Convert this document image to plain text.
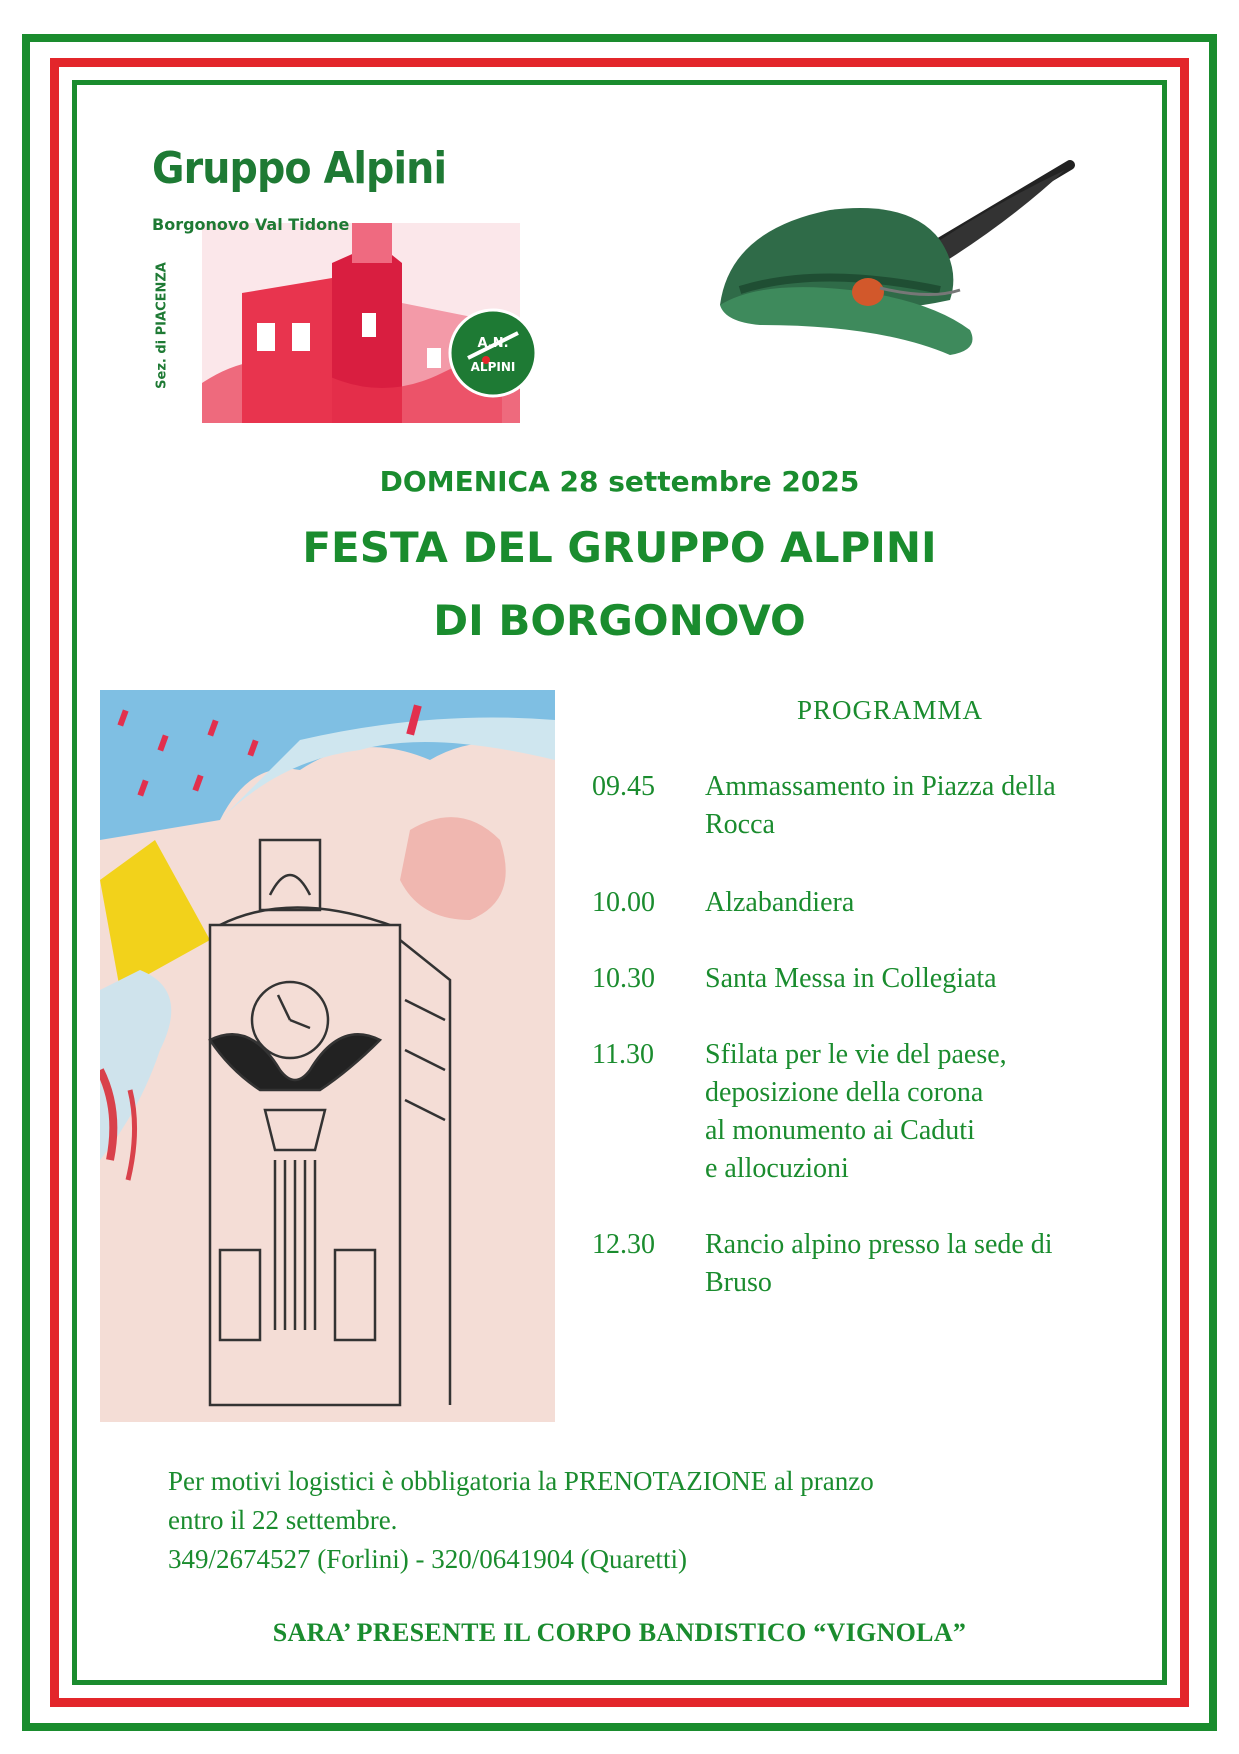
Gruppo Alpini
Borgonovo Val Tidone
Sez. di PIACENZA	A.N.
ALPINI
DOMENICA 28 settembre 2025
FESTA DEL GRUPPO ALPINI
DI BORGONOVO
PROGRAMMA
09.45	Ammassamento in Piazza della
Rocca
10.00	Alzabandiera
10.30	Santa Messa in Collegiata
11.30	Sfilata per le vie del paese,
deposizione della corona
al monumento ai Caduti
e allocuzioni
12.30	Rancio alpino presso la sede di
Bruso
Per motivi logistici è obbligatoria la PRENOTAZIONE al pranzo
entro il 22 settembre.
349/2674527 (Forlini) - 320/0641904 (Quaretti)
SARA’ PRESENTE IL CORPO BANDISTICO “VIGNOLA”
